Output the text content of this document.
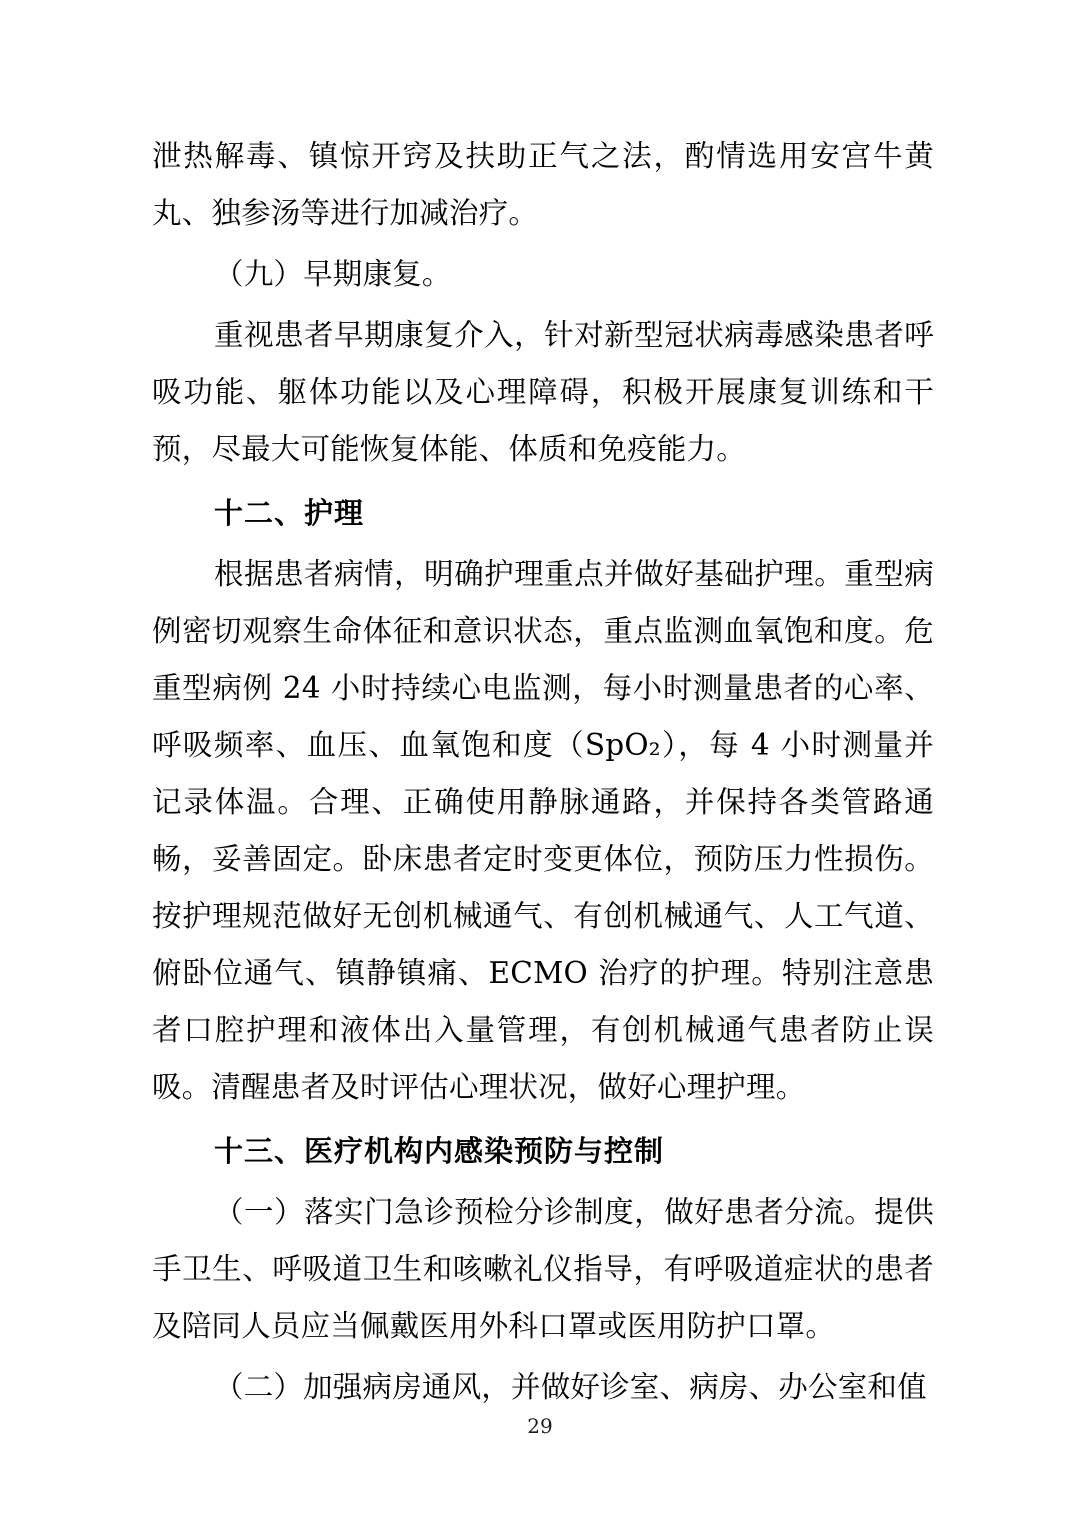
泄热解毒、镇惊开窍及扶助正气之法，酌情选用安宫牛黄丸、独参汤等进行加减治疗。

（九）早期康复。

重视患者早期康复介入，针对新型冠状病毒感染患者呼吸功能、躯体功能以及心理障碍，积极开展康复训练和干预，尽最大可能恢复体能、体质和免疫能力。

十二、护理

根据患者病情，明确护理重点并做好基础护理。重型病例密切观察生命体征和意识状态，重点监测血氧饱和度。危重型病例 24 小时持续心电监测，每小时测量患者的心率、呼吸频率、血压、血氧饱和度（SpO₂），每 4 小时测量并记录体温。合理、正确使用静脉通路，并保持各类管路通畅，妥善固定。卧床患者定时变更体位，预防压力性损伤。按护理规范做好无创机械通气、有创机械通气、人工气道、俯卧位通气、镇静镇痛、ECMO 治疗的护理。特别注意患者口腔护理和液体出入量管理，有创机械通气患者防止误吸。清醒患者及时评估心理状况，做好心理护理。

十三、医疗机构内感染预防与控制

（一）落实门急诊预检分诊制度，做好患者分流。提供手卫生、呼吸道卫生和咳嗽礼仪指导，有呼吸道症状的患者及陪同人员应当佩戴医用外科口罩或医用防护口罩。

（二）加强病房通风，并做好诊室、病房、办公室和值

29
